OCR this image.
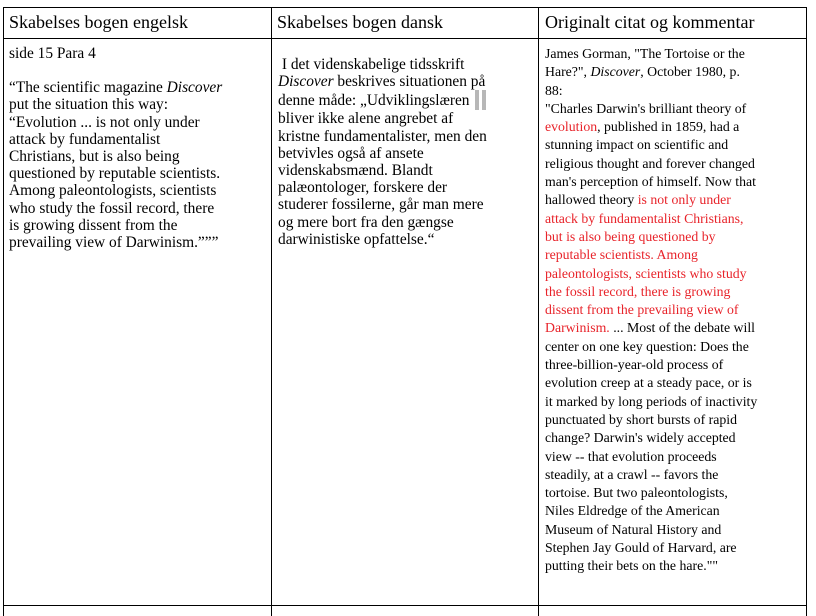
Skabelses bogen engelsk	Skabelses bogen dansk	Originalt citat og kommentar

side 15 Para 4

“The scientific magazine Discover

put the situation this way:

“Evolution ... is not only under

attack by fundamentalist

Christians, but is also being

questioned by reputable scientists.

Among paleontologists, scientists

who study the fossil record, there

is growing dissent from the

prevailing view of Darwinism.”””

I det videnskabelige tidsskrift

Discover beskrives situationen på

denne måde: „Udviklingslæren

bliver ikke alene angrebet af

kristne fundamentalister, men den

betvivles også af ansete

videnskabsmænd. Blandt

palæontologer, forskere der

studerer fossilerne, går man mere

og mere bort fra den gængse

darwinistiske opfattelse.“

James Gorman, "The Tortoise or the

Hare?", Discover, October 1980, p.

88:

"Charles Darwin's brilliant theory of

evolution, published in 1859, had a

stunning impact on scientific and

religious thought and forever changed

man's perception of himself. Now that

hallowed theory is not only under

attack by fundamentalist Christians,

but is also being questioned by

reputable scientists. Among

paleontologists, scientists who study

the fossil record, there is growing

dissent from the prevailing view of

Darwinism. ... Most of the debate will

center on one key question: Does the

three-billion-year-old process of

evolution creep at a steady pace, or is

it marked by long periods of inactivity

punctuated by short bursts of rapid

change? Darwin's widely accepted

view -- that evolution proceeds

steadily, at a crawl -- favors the

tortoise. But two paleontologists,

Niles Eldredge of the American

Museum of Natural History and

Stephen Jay Gould of Harvard, are

putting their bets on the hare.""
